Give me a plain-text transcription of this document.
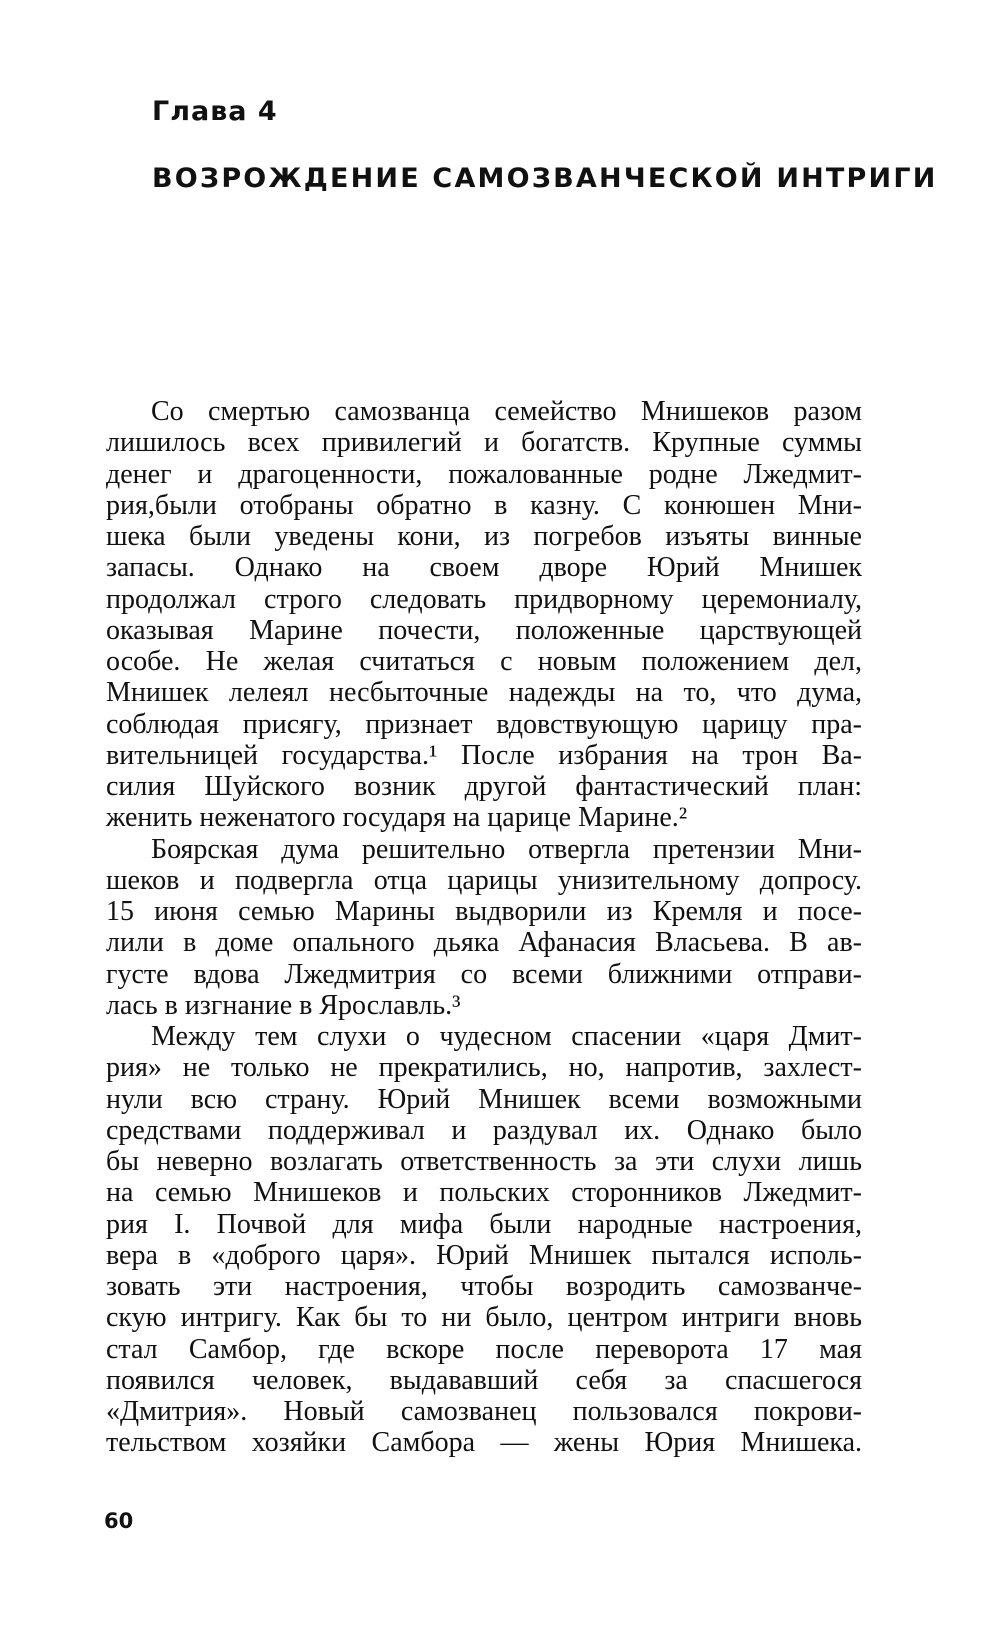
Глава 4
ВОЗРОЖДЕНИЕ САМОЗВАНЧЕСКОЙ ИНТРИГИ
Со смертью самозванца семейство Мнишеков разом
лишилось всех привилегий и богатств. Крупные суммы
денег и драгоценности, пожалованные родне Лжедмит-
рия,были отобраны обратно в казну. С конюшен Мни-
шека были уведены кони, из погребов изъяты винные
запасы. Однако на своем дворе Юрий Мнишек
продолжал строго следовать придворному церемониалу,
оказывая Марине почести, положенные царствующей
особе. Не желая считаться с новым положением дел,
Мнишек лелеял несбыточные надежды на то, что дума,
соблюдая присягу, признает вдовствующую царицу пра-
вительницей государства.¹ После избрания на трон Ва-
силия Шуйского возник другой фантастический план:
женить неженатого государя на царице Марине.²
Боярская дума решительно отвергла претензии Мни-
шеков и подвергла отца царицы унизительному допросу.
15 июня семью Марины выдворили из Кремля и посе-
лили в доме опального дьяка Афанасия Власьева. В ав-
густе вдова Лжедмитрия со всеми ближними отправи-
лась в изгнание в Ярославль.³
Между тем слухи о чудесном спасении «царя Дмит-
рия» не только не прекратились, но, напротив, захлест-
нули всю страну. Юрий Мнишек всеми возможными
средствами поддерживал и раздувал их. Однако было
бы неверно возлагать ответственность за эти слухи лишь
на семью Мнишеков и польских сторонников Лжедмит-
рия I. Почвой для мифа были народные настроения,
вера в «доброго царя». Юрий Мнишек пытался исполь-
зовать эти настроения, чтобы возродить самозванче-
скую интригу. Как бы то ни было, центром интриги вновь
стал Самбор, где вскоре после переворота 17 мая
появился человек, выдававший себя за спасшегося
«Дмитрия». Новый самозванец пользовался покрови-
тельством хозяйки Самбора — жены Юрия Мнишека.
60
